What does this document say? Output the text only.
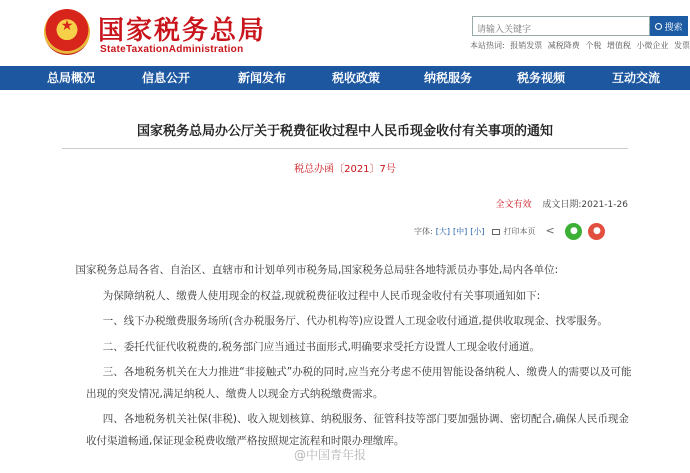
★
国家税务总局
StateTaxationAdministration
请输入关键字
搜索
本站热词: 报销发票 减税降费 个税 增值税 小微企业 发票
总局概况	信息公开	新闻发布	税收政策	纳税服务	税务视频	互动交流
国家税务总局办公厅关于税费征收过程中人民币现金收付有关事项的通知
税总办函〔2021〕7号
全文有效 成文日期:2021-1-26
字体: [大] [中] [小] 打印本页
<	●	●

国家税务总局各省、自治区、直辖市和计划单列市税务局,国家税务总局驻各地特派员办事处,局内各单位:

为保障纳税人、缴费人使用现金的权益,现就税费征收过程中人民币现金收付有关事项通知如下:

一、线下办税缴费服务场所(含办税服务厅、代办机构等)应设置人工现金收付通道,提供收取现金、找零服务。

二、委托代征代收税费的,税务部门应当通过书面形式,明确要求受托方设置人工现金收付通道。

三、各地税务机关在大力推进“非接触式”办税的同时,应当充分考虑不使用智能设备纳税人、缴费人的需要以及可能出现的突发情况,满足纳税人、缴费人以现金方式纳税缴费需求。

四、各地税务机关社保(非税)、收入规划核算、纳税服务、征管科技等部门要加强协调、密切配合,确保人民币现金收付渠道畅通,保证现金税费收缴严格按照规定流程和时限办理缴库。

@中国青年报
